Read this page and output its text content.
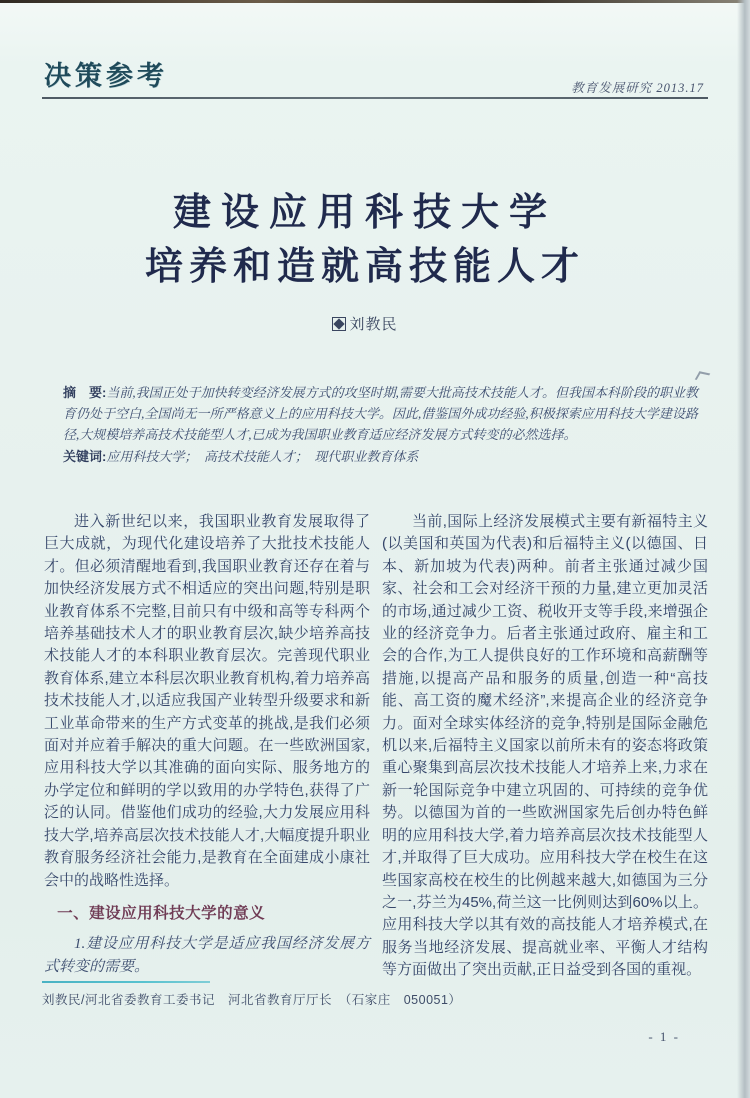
决策参考	教育发展研究 2013.17
建设应用科技大学
培养和造就高技能人才
刘教民

摘　要:当前,我国正处于加快转变经济发展方式的攻坚时期,需要大批高技术技能人才。但我国本科阶段的职业教育仍处于空白,全国尚无一所严格意义上的应用科技大学。因此,借鉴国外成功经验,积极探索应用科技大学建设路径,大规模培养高技术技能型人才,已成为我国职业教育适应经济发展方式转变的必然选择。

关键词:应用科技大学；　高技术技能人才；　现代职业教育体系

进入新世纪以来，我国职业教育发展取得了巨大成就，为现代化建设培养了大批技术技能人才。但必须清醒地看到,我国职业教育还存在着与加快经济发展方式不相适应的突出问题,特别是职业教育体系不完整,目前只有中级和高等专科两个培养基础技术人才的职业教育层次,缺少培养高技术技能人才的本科职业教育层次。完善现代职业教育体系,建立本科层次职业教育机构,着力培养高技术技能人才,以适应我国产业转型升级要求和新工业革命带来的生产方式变革的挑战,是我们必须面对并应着手解决的重大问题。在一些欧洲国家,应用科技大学以其准确的面向实际、服务地方的办学定位和鲜明的学以致用的办学特色,获得了广泛的认同。借鉴他们成功的经验,大力发展应用科技大学,培养高层次技术技能人才,大幅度提升职业教育服务经济社会能力,是教育在全面建成小康社会中的战略性选择。

一、建设应用科技大学的意义

1.建设应用科技大学是适应我国经济发展方式转变的需要。

当前,国际上经济发展模式主要有新福特主义(以美国和英国为代表)和后福特主义(以德国、日本、新加坡为代表)两种。前者主张通过减少国家、社会和工会对经济干预的力量,建立更加灵活的市场,通过减少工资、税收开支等手段,来增强企业的经济竞争力。后者主张通过政府、雇主和工会的合作,为工人提供良好的工作环境和高薪酬等措施,以提高产品和服务的质量,创造一种“高技能、高工资的魔术经济”,来提高企业的经济竞争力。面对全球实体经济的竞争,特别是国际金融危机以来,后福特主义国家以前所未有的姿态将政策重心聚集到高层次技术技能人才培养上来,力求在新一轮国际竞争中建立巩固的、可持续的竞争优势。以德国为首的一些欧洲国家先后创办特色鲜明的应用科技大学,着力培养高层次技术技能型人才,并取得了巨大成功。应用科技大学在校生在这些国家高校在校生的比例越来越大,如德国为三分之一,芬兰为45%,荷兰这一比例则达到60%以上。应用科技大学以其有效的高技能人才培养模式,在服务当地经济发展、提高就业率、平衡人才结构等方面做出了突出贡献,正日益受到各国的重视。

刘教民/河北省委教育工委书记　河北省教育厅厅长　（石家庄　050051）
- 1 -
